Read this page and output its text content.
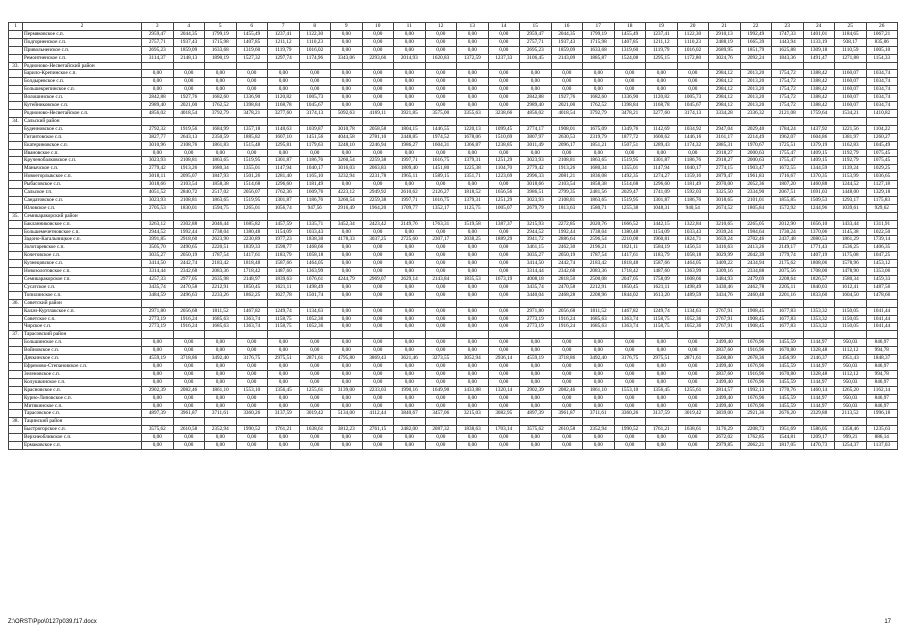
1	2	3	4	5	6	7	8	9	10	11	12	13	14	15	16	17	18	19	20	21	22	23	24	25	26
	Пермяковское с.п.	2959,47	2044,35	1799,19	1455,49	1237,41	1122,30	0,00	0,00	0,00	0,00	0,00	0,00	2959,47	2044,35	1799,19	1455,49	1237,41	1122,30	2910,13	1992,49	1747,33	1401,01	1184,65	1067,21
	Подгорненское с.п.	2757,71	1937,43	1715,98	1407,85	1211,12	1110,23	0,00	0,00	0,00	0,00	0,00	0,00	2757,71	1937,43	1715,98	1407,85	1211,12	1110,23	2488,19	1665,39	1443,94	1133,19	938,17	835,06
	Привольненское с.п.	2695,23	1859,09	1633,68	1319,60	1119,79	1016,02	0,00	0,00	0,00	0,00	0,00	0,00	2695,23	1859,09	1633,68	1319,60	1119,79	1016,02	2689,95	1851,79	1625,88	1309,18	1110,59	1005,10
	Ремонтненское с.п.	3114,37	2148,13	1890,19	1527,32	1297,74	1174,96	3343,06	2293,66	2014,93	1620,83	1372,59	1237,33	3106,45	2143,09	1885,87	1524,08	1295,15	1172,80	3024,76	2092,24	1843,36	1491,47	1271,88	1154,33
33.	Родионово-Несветайский район																								
	Барило-Крепинское с.п.	0,00	0,00	0,00	0,00	0,00	0,00	0,00	0,00	0,00	0,00	0,00	0,00	0,00	0,00	0,00	0,00	0,00	0,00	2984,12	2013,20	1754,72	1388,42	1160,07	1034,74
	Болдыревское с.п.	0,00	0,00	0,00	0,00	0,00	0,00	0,00	0,00	0,00	0,00	0,00	0,00	0,00	0,00	0,00	0,00	0,00	0,00	2984,12	2013,20	1754,72	1388,42	1160,07	1034,74
	Большекрепинское с.п.	0,00	0,00	0,00	0,00	0,00	0,00	0,00	0,00	0,00	0,00	0,00	0,00	0,00	0,00	0,00	0,00	0,00	0,00	2984,12	2013,20	1754,72	1388,42	1160,07	1034,74
	Волошинское с.п.	2842,88	1927,76	1682,60	1336,90	1120,82	1005,73	0,00	0,00	0,00	0,00	0,00	0,00	2842,88	1927,76	1682,60	1336,90	1120,82	1005,73	2984,12	2013,20	1754,72	1388,42	1160,07	1034,74
	Кутейниковское с.п.	2989,40	2021,00	1762,52	1398,84	1168,78	1045,67	0,00	0,00	0,00	0,00	0,00	0,00	2989,40	2021,00	1762,52	1398,84	1168,78	1045,67	2984,12	2013,20	1754,72	1388,42	1160,07	1034,74
	Родионово-Несветайское с.п.	4856,02	4018,54	3792,79	3478,21	3277,60	3174,13	5092,63	4169,11	3921,85	3575,00	3355,63	3238,66	4856,02	4018,54	3792,79	3478,21	3277,60	3174,13	3334,28	2336,32	2121,08	1759,64	1534,21	1410,82
34.	Сальский район																								
	Буденновское с.п.	2792,32	1919,56	1684,99	1357,18	1148,63	1039,87	3010,78	2058,58	1804,15	1446,55	1220,13	1099,45	2774,17	1908,01	1675,09	1349,76	1142,69	1034,92	2947,04	2029,40	1784,24	1437,92	1221,56	1104,22
	Гигантовское с.п.	3827,77	2643,13	2350,59	1885,82	1607,10	1451,56	4044,58	2781,10	2448,85	1974,52	1678,06	1510,69	3807,97	2630,53	2319,79	1877,72	1600,62	1446,16	3161,17	2214,49	1962,07	1604,86	1381,97	1260,27
	Екатериновское с.п.	3010,96	2108,76	1861,83	1515,48	1295,81	1179,63	3248,10	2246,94	1986,27	1604,31	1366,87	1238,85	3011,49	2096,17	1851,21	1507,51	1289,43	1174,32	2885,31	1970,67	1725,51	1379,19	1162,83	1045,49
	Ивановское с.п.	0,00	0,00	0,00	0,00	0,00	0,00	0,00	0,00	0,00	0,00	0,00	0,00	0,00	0,00	0,00	0,00	0,00	0,00	2918,27	2000,63	1755,47	1409,15	1192,79	1075,45
	Крученобалковское с.п.	3023,93	2108,81	1863,65	1519,95	1301,87	1186,76	3260,54	2259,38	1997,71	1616,75	1379,31	1251,29	3023,93	2108,81	1863,65	1519,95	1301,87	1186,76	2918,27	2000,63	1755,47	1409,15	1192,79	1075,45
	Манычское с.п.	2779,42	1913,26	1680,34	1355,01	1147,94	1040,17	3016,03	2063,83	1809,40	1451,80	1225,38	1104,70	2779,42	1913,26	1680,34	1355,01	1147,94	1040,17	2774,15	1903,47	1672,55	1344,59	1139,24	1029,25
	Новоегорлыкское с.п.	3018,11	2095,07	1847,93	1501,26	1281,40	1165,10	3232,94	2231,78	1965,11	1589,15	1351,71	1223,69	2996,33	2081,21	1836,08	1492,35	1274,27	1159,16	2879,47	1961,83	1716,67	1370,35	1153,99	1036,65
	Рыбасовское с.п.	3018,66	2103,54	1858,38	1514,68	1296,60	1181,49	0,00	0,00	0,00	0,00	0,00	0,00	3018,66	2103,54	1858,38	1514,68	1296,60	1181,49	2970,00	2052,36	1807,20	1460,88	1244,52	1127,18
	Сальское г.п.	4051,52	2840,72	2517,02	2056,07	1762,36	1609,76	4223,12	2949,92	2610,62	2126,27	1818,52	1656,56	3986,51	2799,35	2481,56	2029,47	1741,09	1592,03	3325,50	2334,90	2067,51	1691,03	1448,00	1329,18
	Сандатовское с.п.	3023,93	2108,81	1863,65	1519,95	1301,87	1186,76	3260,54	2259,38	1997,71	1616,75	1379,31	1251,29	3023,93	2108,81	1863,65	1519,95	1301,87	1186,76	3018,65	2101,01	1855,85	1509,53	1293,17	1175,83
	Юловское с.п.	2705,53	1830,01	1594,75	1265,01	1056,74	947,56	2916,49	1964,20	1709,77	1352,17	1125,75	1005,07	2679,79	1813,63	1580,71	1255,38	1048,31	940,54	2674,52	1805,84	1572,92	1244,96	1039,61	929,62
35.	Семикаракорский район																								
	Бакланниковское с.п.	3263,12	2302,88	2046,44	1685,82	1457,59	1335,71	3452,34	2423,42	2149,76	1763,31	1519,58	1387,37	3215,93	2272,85	2020,76	1666,52	1442,15	1322,84	3210,65	2265,05	2012,90	1656,10	1433,44	1311,91
	Большемечетновское с.п.	2944,52	1992,44	1738,04	1380,48	1154,09	1033,43	0,00	0,00	0,00	0,00	0,00	0,00	2944,52	1992,44	1738,04	1380,48	1154,09	1033,43	2939,24	1984,64	1730,24	1370,06	1145,38	1022,50
	Задоно-Кагальницкое с.п.	3991,85	2918,60	2623,90	2230,89	1977,23	1838,30	4178,33	3037,25	2725,60	2307,17	2038,25	1889,29	3941,72	2886,64	2596,54	2210,08	1960,81	1824,71	3659,24	2702,46	2437,48	2080,53	1861,29	1739,14
	Золотаревское с.п.	3505,70	2490,65	2220,51	1839,33	1598,77	1468,66	0,00	0,00	0,00	0,00	0,00	0,00	3461,15	2462,30	2196,21	1821,11	1584,19	1456,51	3416,63	2413,26	2149,17	1771,43	1536,25	1406,35
	Кочетовское с.п.	3035,27	2050,19	1787,54	1417,61	1183,79	1058,18	0,00	0,00	0,00	0,00	0,00	0,00	3035,27	2050,19	1787,54	1417,61	1183,79	1058,18	3029,99	2042,39	1779,74	1407,19	1175,08	1047,25
	Кузнецовское с.п.	3414,50	2442,74	2183,42	1818,48	1587,66	1464,05	0,00	0,00	0,00	0,00	0,00	0,00	3414,50	2442,74	2183,42	1818,48	1587,66	1464,05	3409,22	2434,94	2175,62	1808,06	1578,96	1453,12
	Новозолотовское с.п.	3314,44	2342,68	2083,36	1718,42	1487,60	1363,99	0,00	0,00	0,00	0,00	0,00	0,00	3314,44	2342,68	2083,36	1718,42	1487,60	1363,99	3309,16	2334,88	2075,56	1708,00	1478,90	1353,06
	Семикаракорское г.п.	4257,33	2977,05	2635,98	2148,97	1839,63	1676,61	4244,79	2969,07	2629,14	2143,84	1835,53	1673,19	4008,18	2818,50	2500,08	2047,05	1758,09	1608,66	3484,93	2479,69	2208,64	1826,57	1580,34	1459,33
	Сусатское с.п.	3435,74	2470,58	2212,91	1850,45	1621,11	1498,49	0,00	0,00	0,00	0,00	0,00	0,00	3435,74	2470,58	2212,91	1850,45	1621,11	1498,49	3430,46	2462,78	2205,11	1840,03	1612,41	1487,56
	Топилинское с.п.	3484,59	2496,63	2233,26	1862,25	1627,78	1501,74	0,00	0,00	0,00	0,00	0,00	0,00	3440,04	2468,28	2208,96	1844,02	1613,20	1489,59	3434,76	2460,48	2201,16	1833,60	1604,50	1478,66
36.	Советский район																								
	Калач-Куртлакское с.п.	2971,80	2056,68	1811,52	1467,82	1249,74	1134,63	0,00	0,00	0,00	0,00	0,00	0,00	2971,80	2056,68	1811,52	1467,82	1249,74	1134,63	2767,91	1908,45	1677,83	1353,32	1150,05	1041,44
	Советское с.п.	2773,19	1916,24	1685,63	1363,74	1158,75	1052,36	0,00	0,00	0,00	0,00	0,00	0,00	2773,19	1916,24	1685,63	1363,74	1158,75	1052,36	2767,91	1908,45	1677,83	1353,32	1150,05	1041,44
	Чирское с.п.	2773,19	1916,24	1685,63	1363,74	1158,75	1052,36	0,00	0,00	0,00	0,00	0,00	0,00	2773,19	1916,24	1685,63	1363,74	1158,75	1052,36	2767,91	1908,45	1677,83	1353,32	1150,05	1041,44
37.	Тарасовский район																								
	Большинское с.п.	0,00	0,00	0,00	0,00	0,00	0,00	0,00	0,00	0,00	0,00	0,00	0,00	0,00	0,00	0,00	0,00	0,00	0,00	2499,40	1676,96	1455,59	1144,97	950,03	846,97
	Войновское с.п.	0,00	0,00	0,00	0,00	0,00	0,00	0,00	0,00	0,00	0,00	0,00	0,00	0,00	0,00	0,00	0,00	0,00	0,00	2837,60	1916,96	1670,80	1328,48	1112,12	994,78
	Дячкинское с.п.	4559,19	3718,86	3492,40	3176,75	2975,51	2871,61	4795,80	3869,43	3621,46	3273,55	3052,94	2936,14	4559,19	3718,86	3492,40	3176,75	2975,51	2871,61	3500,80	2678,36	2456,99	2146,37	1951,43	1848,37
	Ефремово-Степановское с.п.	0,00	0,00	0,00	0,00	0,00	0,00	0,00	0,00	0,00	0,00	0,00	0,00	0,00	0,00	0,00	0,00	0,00	0,00	2499,40	1676,96	1455,59	1144,97	950,03	846,97
	Зеленовское с.п.	0,00	0,00	0,00	0,00	0,00	0,00	0,00	0,00	0,00	0,00	0,00	0,00	0,00	0,00	0,00	0,00	0,00	0,00	2837,60	1916,96	1670,80	1328,48	1112,12	994,78
	Колушкинское с.п.	0,00	0,00	0,00	0,00	0,00	0,00	0,00	0,00	0,00	0,00	0,00	0,00	0,00	0,00	0,00	0,00	0,00	0,00	2499,40	1676,96	1455,59	1144,97	950,03	846,97
	Красновское с.п.	2902,39	2082,46	1861,10	1553,10	1356,45	1255,61	3139,00	2233,03	1990,16	1649,90	1433,88	1320,14	2902,39	2082,46	1861,10	1553,10	1356,45	1255,61	2814,57	1992,13	1770,76	1460,14	1265,20	1162,14
	Курно-Липовское с.п.	0,00	0,00	0,00	0,00	0,00	0,00	0,00	0,00	0,00	0,00	0,00	0,00	0,00	0,00	0,00	0,00	0,00	0,00	2499,40	1676,96	1455,59	1144,97	950,03	846,97
	Митякинское с.п.	0,00	0,00	0,00	0,00	0,00	0,00	0,00	0,00	0,00	0,00	0,00	0,00	0,00	0,00	0,00	0,00	0,00	0,00	2499,40	1676,96	1455,59	1144,97	950,03	846,97
	Тарасовское с.п.	4897,39	3961,87	3711,61	3360,26	3137,59	3019,42	5134,00	4112,44	3840,67	3457,06	3215,03	3082,95	4897,39	3961,87	3711,61	3360,26	3137,59	3019,42	3839,00	2921,36	2676,20	2329,88	2113,52	1996,18
38.	Тацинский район																								
	Быстрогорское с.п.	3575,62	2610,58	2352,94	1990,52	1761,21	1638,61	3812,23	2761,15	2482,00	2087,32	1838,63	1703,14	3575,62	2610,58	2352,94	1990,52	1761,21	1638,61	3176,29	2208,73	1951,69	1586,05	1358,46	1235,63
	Верхнеобливское с.п.	0,00	0,00	0,00	0,00	0,00	0,00	0,00	0,00	0,00	0,00	0,00	0,00	0,00	0,00	0,00	0,00	0,00	0,00	2672,02	1762,85	1544,81	1209,17	999,21	886,14
	Ермаковское с.п.	0,00	0,00	0,00	0,00	0,00	0,00	0,00	0,00	0,00	0,00	0,00	0,00	0,00	0,00	0,00	0,00	0,00	0,00	2979,85	2062,21	1817,05	1470,73	1254,37	1137,03
Z:\ORST\Ppo\0127p039.f17.docx	17
